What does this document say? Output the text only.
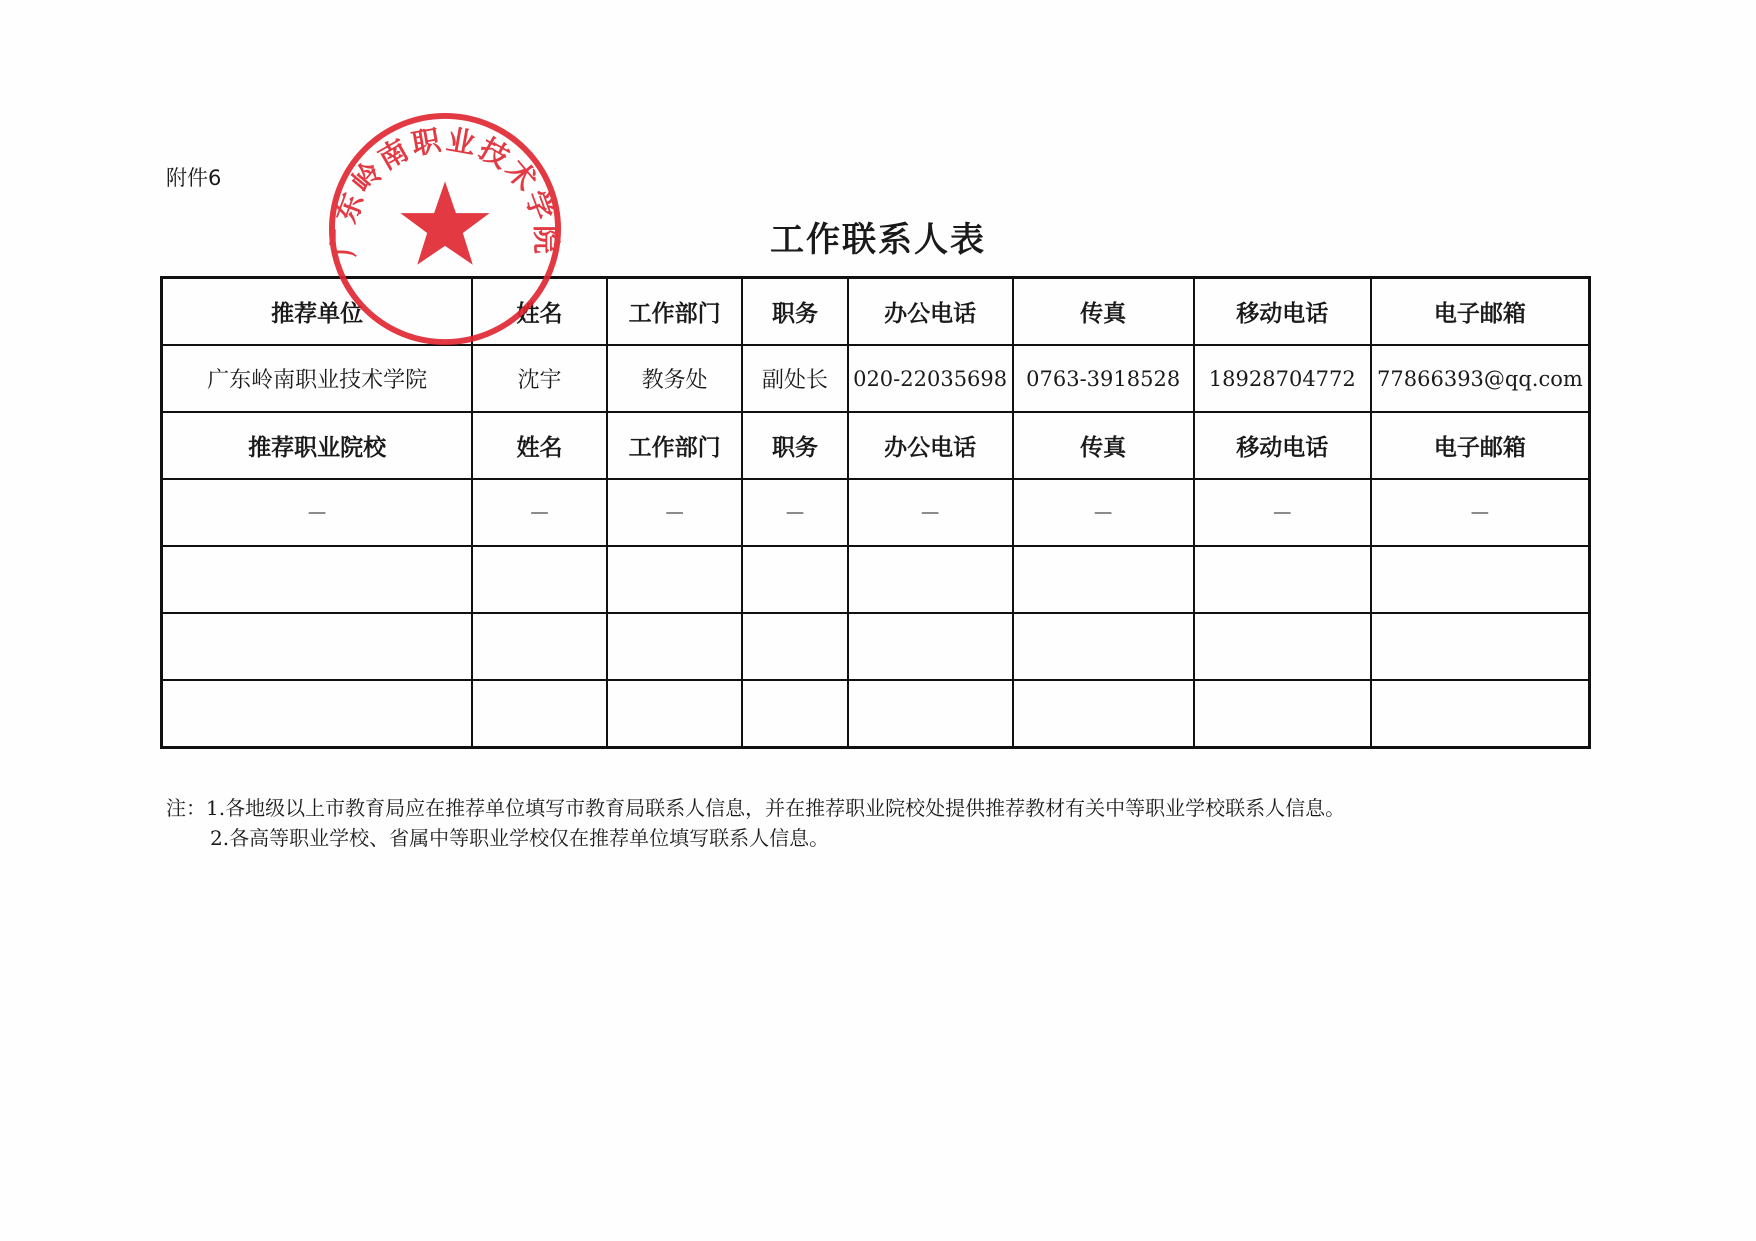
附件6
工作联系人表
推荐单位	姓名	工作部门	职务	办公电话	传真	移动电话	电子邮箱
广东岭南职业技术学院	沈宇	教务处	副处长	020-22035698	0763-3918528	18928704772	77866393@qq.com
推荐职业院校	姓名	工作部门	职务	办公电话	传真	移动电话	电子邮箱
－	－	－	－	－	－	－	－

注：1.各地级以上市教育局应在推荐单位填写市教育局联系人信息，并在推荐职业院校处提供推荐教材有关中等职业学校联系人信息。
2.各高等职业学校、省属中等职业学校仅在推荐单位填写联系人信息。
广东岭南职业技术学院
